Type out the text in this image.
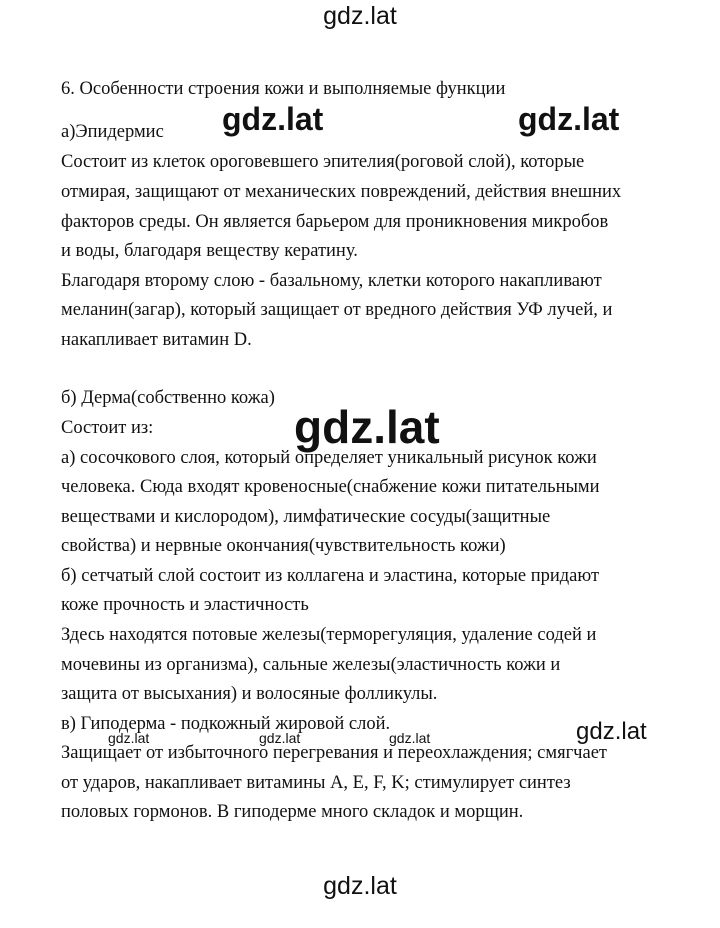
gdz.lat
6. Особенности строения кожи и выполняемые функции
а)Эпидермис
Состоит из клеток ороговевшего эпителия(роговой слой), которые
отмирая, защищают от механических повреждений, действия внешних
факторов среды. Он является барьером для проникновения микробов
и воды, благодаря веществу кератину.
Благодаря второму слою - базальному, клетки которого накапливают
меланин(загар), который защищает от вредного действия УФ лучей, и
накапливает витамин D.
б) Дерма(собственно кожа)
Состоит из:
а) сосочкового слоя, который определяет уникальный рисунок кожи
человека. Сюда входят кровеносные(снабжение кожи питательными
веществами и кислородом), лимфатические сосуды(защитные
свойства) и нервные окончания(чувствительность кожи)
б) сетчатый слой состоит из коллагена и эластина, которые придают
коже прочность и эластичность
Здесь находятся потовые железы(терморегуляция, удаление содей и
мочевины из организма), сальные железы(эластичность кожи и
защита от высыхания) и волосяные фолликулы.
в) Гиподерма - подкожный жировой слой.
Защищает от избыточного перегревания и переохлаждения; смягчает
от ударов, накапливает витамины A, E, F, K; стимулирует синтез
половых гормонов. В гиподерме много складок и морщин.
gdz.lat	gdz.lat
gdz.lat
gdz.lat
gdz.lat	gdz.lat	gdz.lat
gdz.lat
